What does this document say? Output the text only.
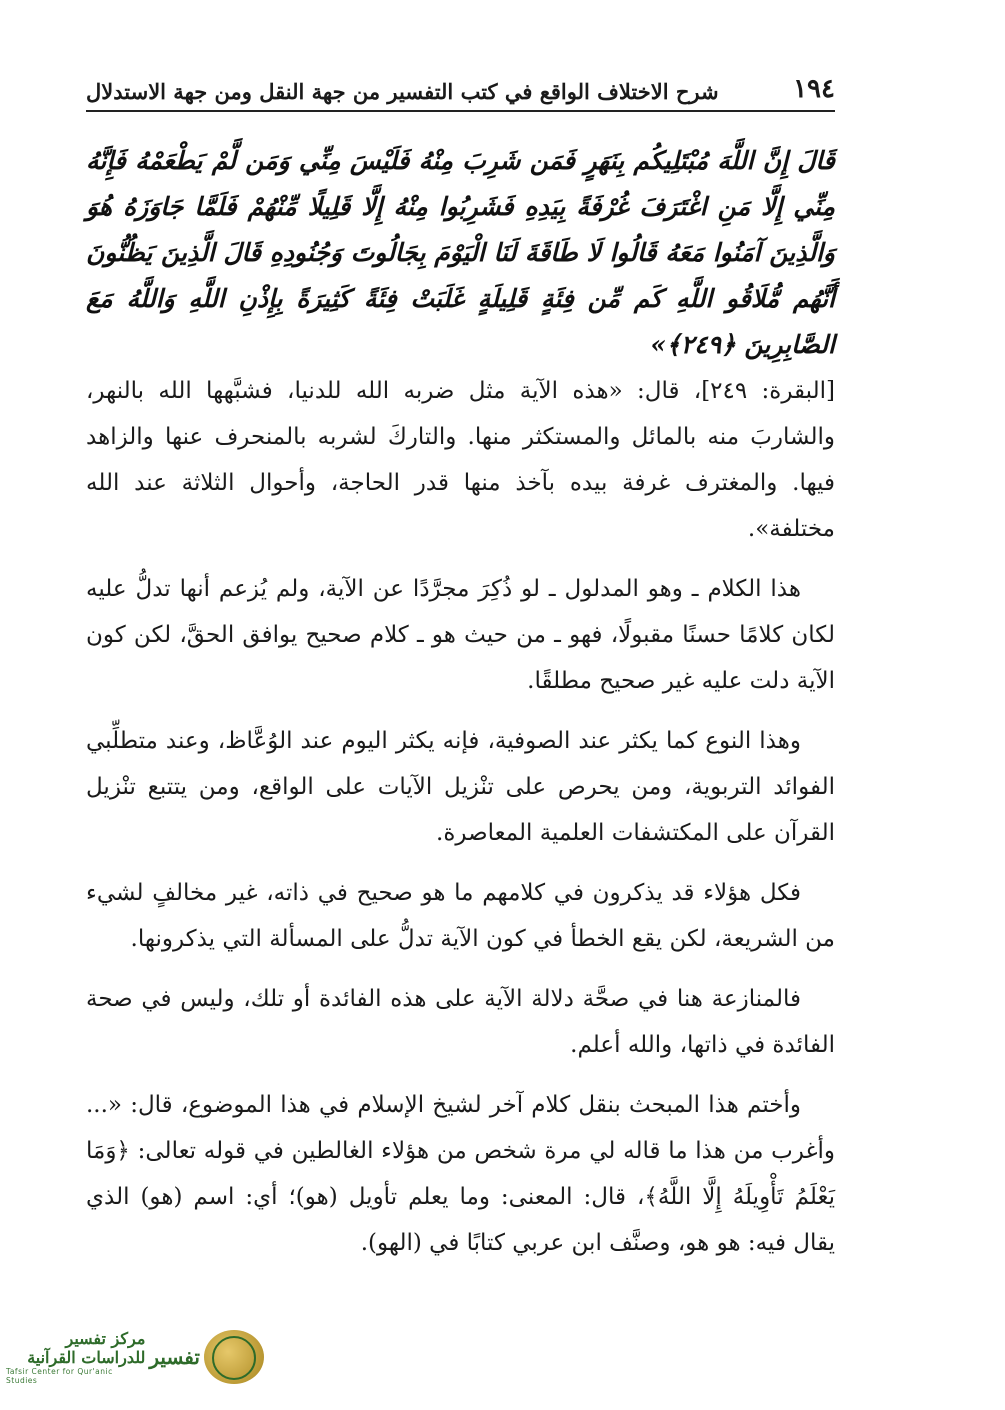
١٩٤
شرح الاختلاف الواقع في كتب التفسير من جهة النقل ومن جهة الاستدلال

قَالَ إِنَّ اللَّهَ مُبْتَلِيكُم بِنَهَرٍ فَمَن شَرِبَ مِنْهُ فَلَيْسَ مِنِّي وَمَن لَّمْ يَطْعَمْهُ فَإِنَّهُ مِنِّي إِلَّا مَنِ اغْتَرَفَ غُرْفَةً بِيَدِهِ فَشَرِبُوا مِنْهُ إِلَّا قَلِيلًا مِّنْهُمْ فَلَمَّا جَاوَزَهُ هُوَ وَالَّذِينَ آمَنُوا مَعَهُ قَالُوا لَا طَاقَةَ لَنَا الْيَوْمَ بِجَالُوتَ وَجُنُودِهِ قَالَ الَّذِينَ يَظُنُّونَ أَنَّهُم مُّلَاقُو اللَّهِ كَم مِّن فِئَةٍ قَلِيلَةٍ غَلَبَتْ فِئَةً كَثِيرَةً بِإِذْنِ اللَّهِ وَاللَّهُ مَعَ الصَّابِرِينَ ﴿٢٤٩﴾»

[البقرة: ٢٤٩]، قال: «هذه الآية مثل ضربه الله للدنيا، فشبَّهها الله بالنهر، والشاربَ منه بالمائل والمستكثر منها. والتاركَ لشربه بالمنحرف عنها والزاهد فيها. والمغترف غرفة بيده بآخذ منها قدر الحاجة، وأحوال الثلاثة عند الله مختلفة».

هذا الكلام ـ وهو المدلول ـ لو ذُكِرَ مجرَّدًا عن الآية، ولم يُزعم أنها تدلُّ عليه لكان كلامًا حسنًا مقبولًا، فهو ـ من حيث هو ـ كلام صحيح يوافق الحقَّ، لكن كون الآية دلت عليه غير صحيح مطلقًا.

وهذا النوع كما يكثر عند الصوفية، فإنه يكثر اليوم عند الوُعَّاظ، وعند متطلِّبي الفوائد التربوية، ومن يحرص على تنْزيل الآيات على الواقع، ومن يتتبع تنْزيل القرآن على المكتشفات العلمية المعاصرة.

فكل هؤلاء قد يذكرون في كلامهم ما هو صحيح في ذاته، غير مخالفٍ لشيء من الشريعة، لكن يقع الخطأ في كون الآية تدلُّ على المسألة التي يذكرونها.

فالمنازعة هنا في صحَّة دلالة الآية على هذه الفائدة أو تلك، وليس في صحة الفائدة في ذاتها، والله أعلم.

وأختم هذا المبحث بنقل كلام آخر لشيخ الإسلام في هذا الموضوع، قال: «... وأغرب من هذا ما قاله لي مرة شخص من هؤلاء الغالطين في قوله تعالى: ﴿وَمَا يَعْلَمُ تَأْوِيلَهُ إِلَّا اللَّهُ﴾، قال: المعنى: وما يعلم تأويل (هو)؛ أي: اسم (هو) الذي يقال فيه: هو هو، وصنَّف ابن عربي كتابًا في (الهو).

تفسير
مركز تفسير للدراسات القرآنية
Tafsir Center for Qur'anic Studies
